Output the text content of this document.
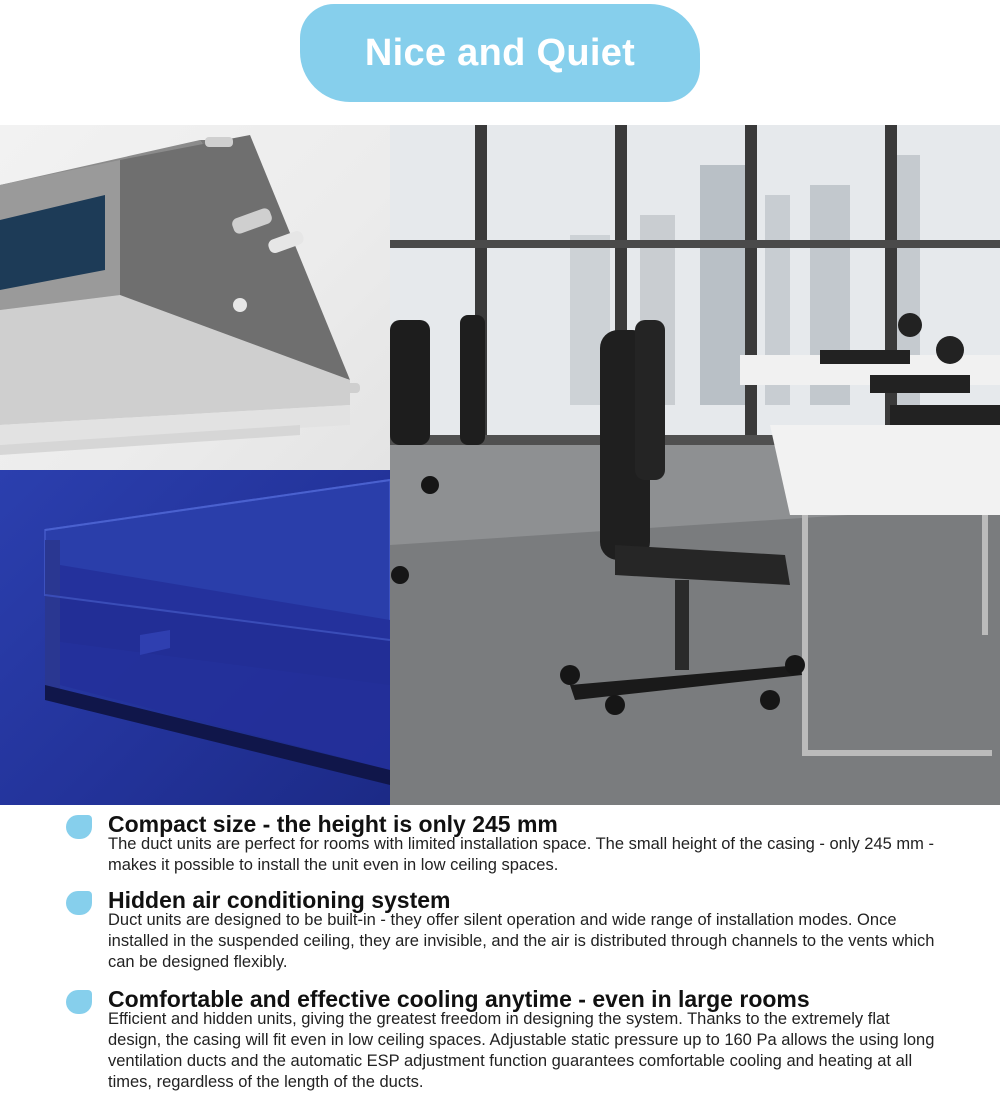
Nice and Quiet
Compact size - the height is only 245 mm
The duct units are perfect for rooms with limited installation space. The small height of the casing - only 245 mm - makes it possible to install the unit even in low ceiling spaces.
Hidden air conditioning system
Duct units are designed to be built-in - they offer silent operation and wide range of installation modes. Once installed in the suspended ceiling, they are invisible, and the air is distributed through channels to the vents which can be designed flexibly.
Comfortable and effective cooling anytime - even in large rooms
Efficient and hidden units, giving the greatest freedom in designing the system. Thanks to the extremely flat design, the casing will fit even in low ceiling spaces. Adjustable static pressure up to 160 Pa allows the using long ventilation ducts and the automatic ESP adjustment function guarantees comfortable cooling and heating at all times, regardless of the length of the ducts.
